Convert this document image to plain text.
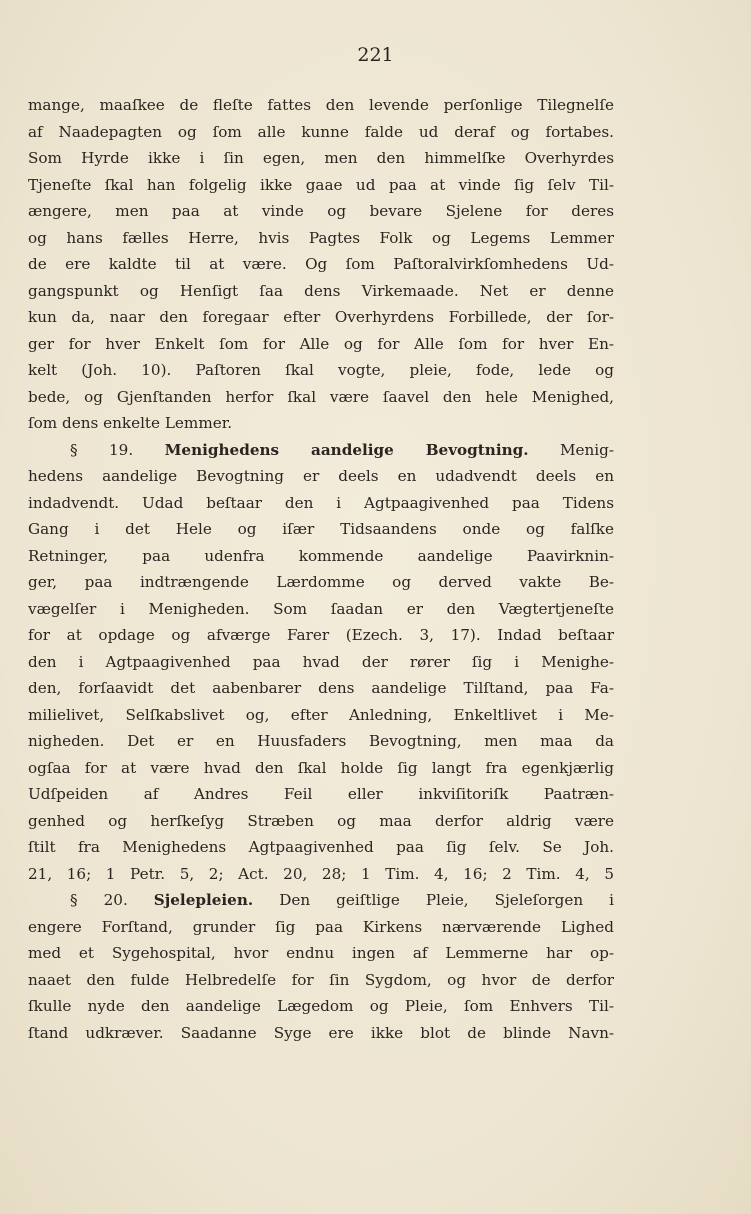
221
mange, maaſkee de fleſte fattes den levende perſonlige Tilegnelſe
af Naadepagten og ſom alle kunne falde ud deraf og fortabes.
Som Hyrde ikke i ſin egen, men den himmelſke Overhyrdes
Tjeneſte ſkal han folgelig ikke gaae ud paa at vinde ſig ſelv Til-
ængere, men paa at vinde og bevare Sjelene for deres
og hans fælles Herre, hvis Pagtes Folk og Legems Lemmer
de ere kaldte til at være. Og ſom Paſtoralvirkſomhedens Ud-
gangspunkt og Henſigt ſaa dens Virkemaade. Net er denne
kun da, naar den foregaar efter Overhyrdens Forbillede, der ſor-
ger for hver Enkelt ſom for Alle og for Alle ſom for hver En-
kelt (Joh. 10). Paſtoren ſkal vogte, pleie, fode, lede og
bede, og Gjenſtanden herfor ſkal være ſaavel den hele Menighed,
ſom dens enkelte Lemmer.
§ 19. Menighedens aandelige Bevogtning. Menig-
hedens aandelige Bevogtning er deels en udadvendt deels en
indadvendt. Udad beſtaar den i Agtpaagivenhed paa Tidens
Gang i det Hele og iſær Tidsaandens onde og falſke
Retninger, paa udenfra kommende aandelige Paavirknin-
ger, paa indtrængende Lærdomme og derved vakte Be-
vægelſer i Menigheden. Som ſaadan er den Vægtertjeneſte
for at opdage og afværge Farer (Ezech. 3, 17). Indad beſtaar
den i Agtpaagivenhed paa hvad der rører ſig i Menighe-
den, forſaavidt det aabenbarer dens aandelige Tilſtand, paa Fa-
milielivet, Selſkabslivet og, efter Anledning, Enkeltlivet i Me-
nigheden. Det er en Huusfaders Bevogtning, men maa da
ogſaa for at være hvad den ſkal holde ſig langt fra egenkjærlig
Udſpeiden af Andres Feil eller inkviſitoriſk Paatræn-
genhed og herſkeſyg Stræben og maa derfor aldrig være
ſtilt fra Menighedens Agtpaagivenhed paa ſig ſelv. Se Joh.
21, 16; 1 Petr. 5, 2; Act. 20, 28; 1 Tim. 4, 16; 2 Tim. 4, 5
§ 20. Sjelepleien. Den geiſtlige Pleie, Sjeleſorgen i
engere Forſtand, grunder ſig paa Kirkens nærværende Lighed
med et Sygehospital, hvor endnu ingen af Lemmerne har op-
naaet den fulde Helbredelſe for ſin Sygdom, og hvor de derfor
ſkulle nyde den aandelige Lægedom og Pleie, ſom Enhvers Til-
ſtand udkræver. Saadanne Syge ere ikke blot de blinde Navn-
